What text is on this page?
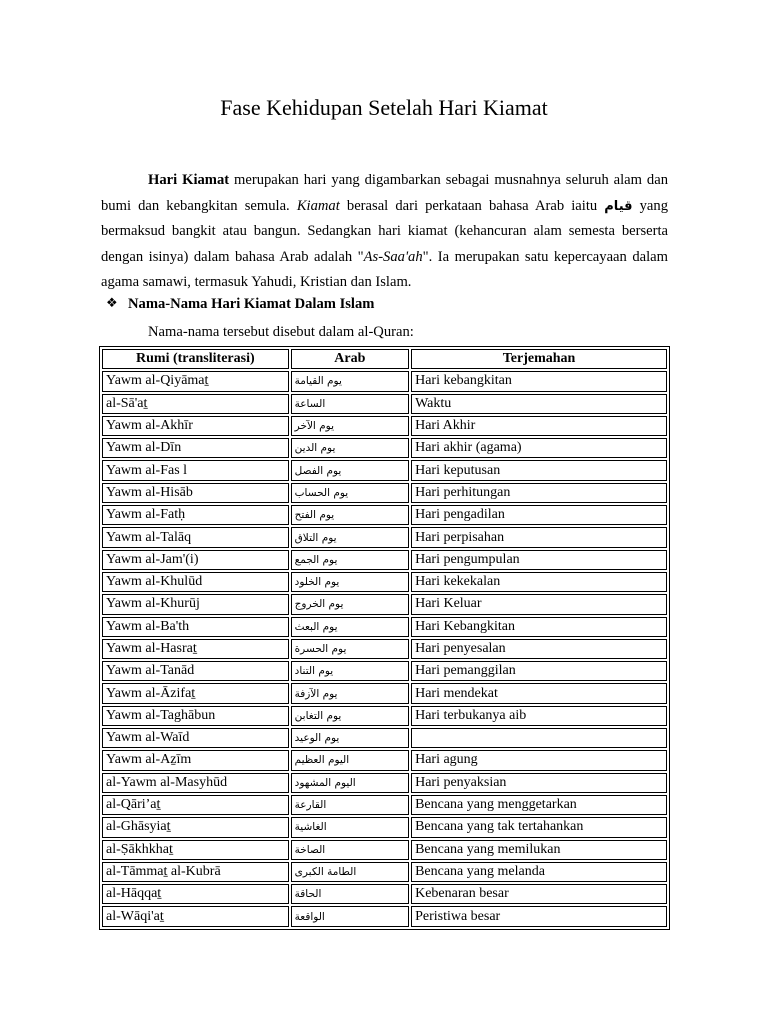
Fase Kehidupan Setelah Hari Kiamat

Hari Kiamat merupakan hari yang digambarkan sebagai musnahnya seluruh alam dan bumi dan kebangkitan semula. Kiamat berasal dari perkataan bahasa Arab iaitu قيام yang bermaksud bangkit atau bangun. Sedangkan hari kiamat (kehancuran alam semesta berserta dengan isinya) dalam bahasa Arab adalah "As-Saa'ah". Ia merupakan satu kepercayaan dalam agama samawi, termasuk Yahudi, Kristian dan Islam.

❖ Nama-Nama Hari Kiamat Dalam Islam
Nama-nama tersebut disebut dalam al-Quran:
Rumi (transliterasi)	Arab	Terjemahan
Yawm al-Qiyāmaṯ	يوم القيامة	Hari kebangkitan
al-Sā'aṯ	الساعة	Waktu
Yawm al-Akhīr	يوم الآخر	Hari Akhir
Yawm al-Dīn	يوم الدين	Hari akhir (agama)
Yawm al-Fas l	يوم الفصل	Hari keputusan
Yawm al-Hisāb	يوم الحساب	Hari perhitungan
Yawm al-Fatḥ	يوم الفتح	Hari pengadilan
Yawm al-Talāq	يوم التلاق	Hari perpisahan
Yawm al-Jam'(i)	يوم الجمع	Hari pengumpulan
Yawm al-Khulūd	يوم الخلود	Hari kekekalan
Yawm al-Khurūj	يوم الخروج	Hari Keluar
Yawm al-Ba'th	يوم البعث	Hari Kebangkitan
Yawm al-Hasraṯ	يوم الحسرة	Hari penyesalan
Yawm al-Tanād	يوم التناد	Hari pemanggilan
Yawm al-Āzifaṯ	يوم الآزفة	Hari mendekat
Yawm al-Taghābun	يوم التغابن	Hari terbukanya aib
Yawm al-Waīd	يوم الوعيد	
Yawm al-Aẕīm	اليوم العظيم	Hari agung
al-Yawm al-Masyhūd	اليوم المشهود	Hari penyaksian
al-Qāri’aṯ	القارعة	Bencana yang menggetarkan
al-Ghāsyiaṯ	الغاشية	Bencana yang tak tertahankan
al-Ṣākhkhaṯ	الصاخة	Bencana yang memilukan
al-Tāmmaṯ al-Kubrā	الطامة الكبرى	Bencana yang melanda
al-Hāqqaṯ	الحاقة	Kebenaran besar
al-Wāqi'aṯ	الواقعة	Peristiwa besar
